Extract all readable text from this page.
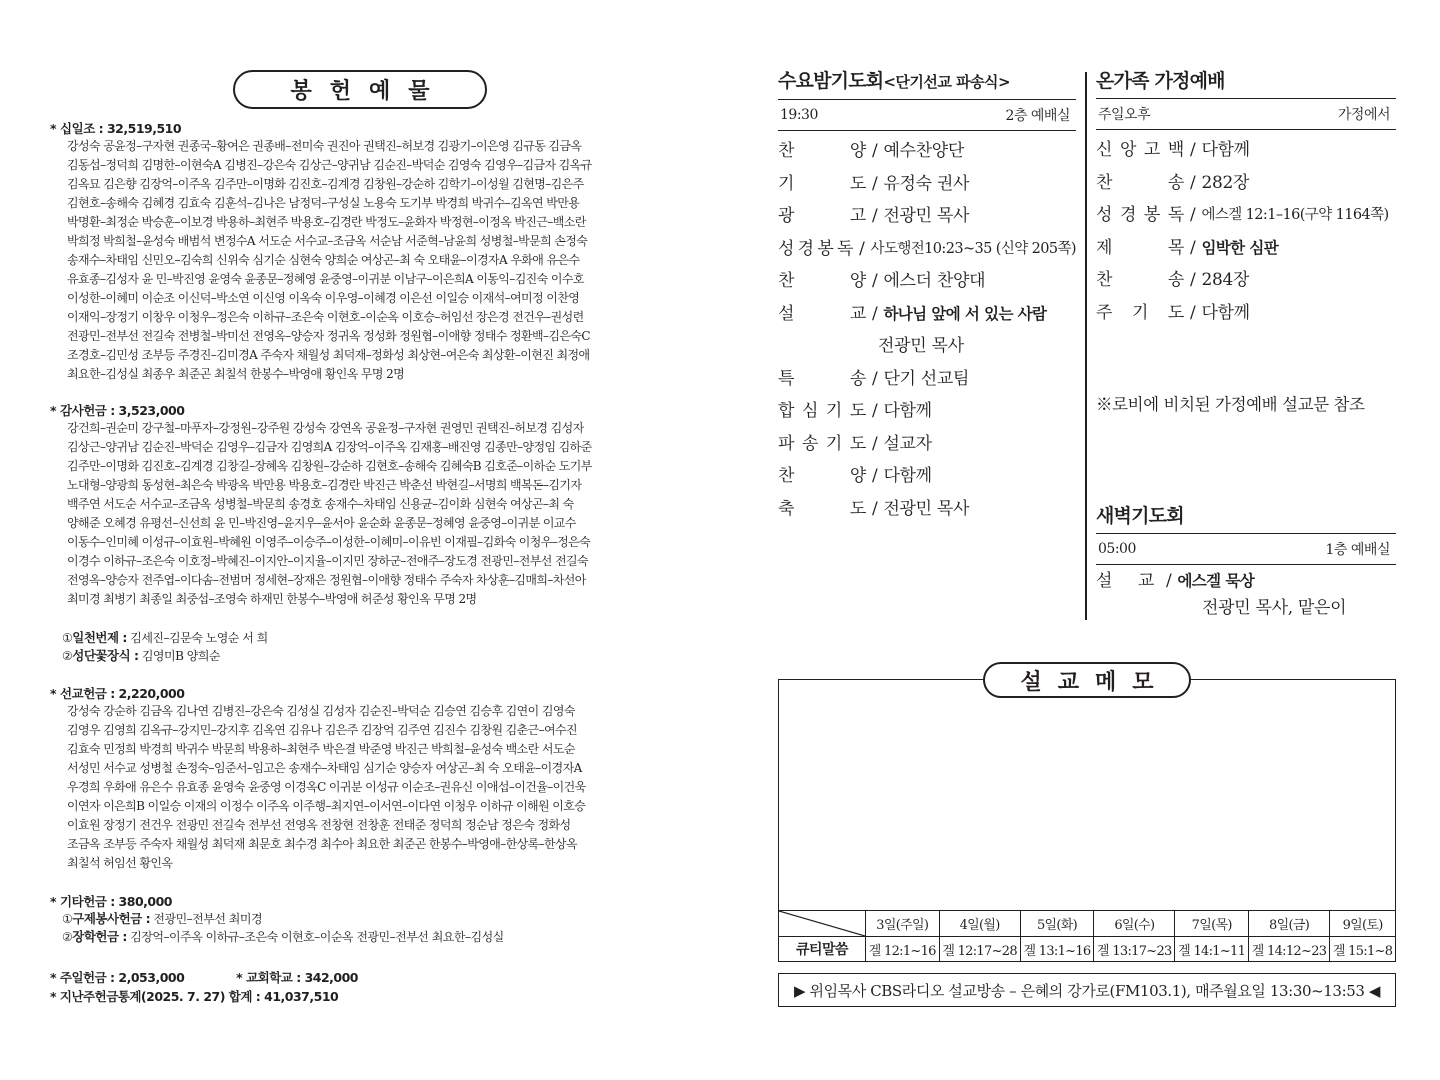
봉헌예물
* 십일조 : 32,519,510
강성숙 공윤정–구자현 권종국–황여은 권종배–전미숙 권진아 권택진–허보경 김광기–이은영 김규동 김금옥
김동섭–정덕희 김명한–이현숙A 김병진–강은숙 김상근–양귀남 김순진–박덕순 김영숙 김영우–김금자 김옥규
김옥묘 김은향 김장억–이주옥 김주만–이명화 김진호–김계경 김창원–강순하 김학기–이성월 김현명–김은주
김현호–송해숙 김혜경 김효숙 김훈석–김나은 남정덕–구성실 노용숙 도기부 박경희 박귀수–김옥연 박만용
박명환–최정순 박승훈–이보경 박용하–최현주 박용호–김경란 박정도–윤화자 박정현–이정옥 박진근–백소란
박희정 박희철–윤성숙 배범석 변정수A 서도순 서수교–조금옥 서순남 서준혁–남윤희 성병철–박문희 손정숙
송재수–차태임 신민오–김숙희 신위숙 심기순 심현숙 양희순 여상곤–최 숙 오태윤–이경자A 우화애 유은수
유효종–김성자 윤 민–박진영 윤영숙 윤종문–정혜영 윤중영–이귀분 이남구–이은희A 이동익–김진숙 이수호
이성한–이혜미 이순조 이신덕–박소연 이신영 이옥숙 이우영–이혜경 이은선 이일승 이재석–여미정 이찬영
이재익–장정기 이창우 이청우–정은숙 이하규–조은숙 이현호–이순옥 이호승–허임선 장은경 전건우–권성련
전광민–전부선 전길숙 전병철–박미선 전영옥–양승자 정귀옥 정성화 정원협–이애향 정태수 정환백–김은숙C
조경호–김민성 조부등 주경진–김미경A 주숙자 채월성 최덕재–정화성 최상현–여은숙 최상환–이현진 최정애
최요한–김성실 최종우 최준곤 최칠석 한봉수–박영애 황인옥 무명 2명
* 감사헌금 : 3,523,000
강건희–권순미 강구철–마푸자–강정원–강주원 강성숙 강연옥 공윤정–구자현 권영민 권택진–허보경 김성자
김상근–양귀남 김순진–박덕순 김영우–김금자 김영희A 김장억–이주옥 김재홍–배진영 김종만–양정임 김하준
김주만–이명화 김진호–김계경 김창길–장혜옥 김창원–강순하 김현호–송해숙 김혜숙B 김호준–이하순 도기부
노대형–양광희 동성현–최은숙 박광옥 박만용 박용호–김경란 박진근 박춘선 박현길–서명희 백복돈–김기자
백주연 서도순 서수교–조금옥 성병철–박문희 송경호 송재수–차태임 신용균–김이화 심현숙 여상곤–최 숙
양해준 오혜경 유평선–신선희 윤 민–박진영–윤지우–윤서아 윤순화 윤종문–정혜영 윤중영–이귀분 이교수
이동수–인미혜 이성규–이효원–박혜원 이영주–이승주–이성한–이혜미–이유빈 이재필–김화숙 이청우–정은숙
이경수 이하규–조은숙 이호정–박혜진–이지안–이지율–이지민 장하군–전애주–장도경 전광민–전부선 전길숙
전영옥–양승자 전주엽–이다솜–전범머 정세현–장재은 정원협–이애향 정태수 주숙자 차상훈–김매희–차선아
최미경 최병기 최종일 최중섭–조영숙 하재민 한봉수–박영애 허준성 황인옥 무명 2명
①일천번제 : 김세진–김문숙 노영순 서 희
②성단꽃장식 : 김영미B 양희순
* 선교헌금 : 2,220,000
강성숙 강순하 김금옥 김나연 김병진–강은숙 김성실 김성자 김순진–박덕순 김승연 김승후 김연이 김영숙
김영우 김영희 김옥규–강지민–강지후 김옥연 김유나 김은주 김장억 김주연 김진수 김창원 김춘근–여수진
김효숙 민정희 박경희 박귀수 박문희 박용하–최현주 박은결 박준영 박진근 박희철–윤성숙 백소란 서도순
서성민 서수교 성병철 손정숙–임준서–임고은 송재수–차태임 심기순 양승자 여상곤–최 숙 오태윤–이경자A
우경희 우화애 유은수 유효종 윤영숙 윤중영 이경옥C 이귀분 이성규 이순조–권유신 이애섭–이건율–이건욱
이연자 이은희B 이일승 이재의 이정수 이주옥 이주행–최지연–이서연–이다연 이청우 이하규 이해원 이호승
이효원 장정기 전건우 전광민 전길숙 전부선 전영옥 전창현 전창훈 전태준 정덕희 정순남 정은숙 정화성
조금옥 조부등 주숙자 채월성 최덕재 최문호 최수경 최수아 최요한 최준곤 한봉수–박영애–한상록–한상옥
최칠석 허임선 황인옥
* 기타헌금 : 380,000
①구제봉사헌금 : 전광민–전부선 최미경
②장학헌금 : 김장억–이주옥 이하규–조은숙 이현호–이순옥 전광민–전부선 최요한–김성실
* 주일헌금 : 2,053,000	* 교회학교 : 342,000
* 지난주헌금통계(2025. 7. 27) 합계 : 41,037,510
수요밤기도회<단기선교 파송식>
19:30	2층 예배실
찬	양 / 예수찬양단
기	도 / 유정숙 권사
광	고 / 전광민 목사
성 경 봉 독 / 사도행전10:23~35 (신약 205쪽)
찬	양 / 에스더 찬양대
설	교 / 하나님 앞에 서 있는 사람
전광민 목사
특	송 / 단기 선교팀
합 심 기 도 / 다함께
파 송 기 도 / 설교자
찬	양 / 다함께
축	도 / 전광민 목사
온가족 가정예배
주일오후	가정에서
신 앙 고 백 / 다함께
찬	송 / 282장
성 경 봉 독 / 에스겔 12:1–16(구약 1164쪽)
제	목 / 임박한 심판
찬	송 / 284장
주 기 도 / 다함께
※로비에 비치된 가정예배 설교문 참조
새벽기도회
05:00	1층 예배실
설 교 / 에스겔 묵상
전광민 목사, 맡은이
설교메모
	3일(주일)	4일(월)	5일(화)	6일(수)	7일(목)	8일(금)	9일(토)
큐티말씀	겔 12:1~16	겔 12:17~28	겔 13:1~16	겔 13:17~23	겔 14:1~11	겔 14:12~23	겔 15:1~8
▶ 위임목사 CBS라디오 설교방송 – 은혜의 강가로(FM103.1), 매주월요일 13:30~13:53 ◀
